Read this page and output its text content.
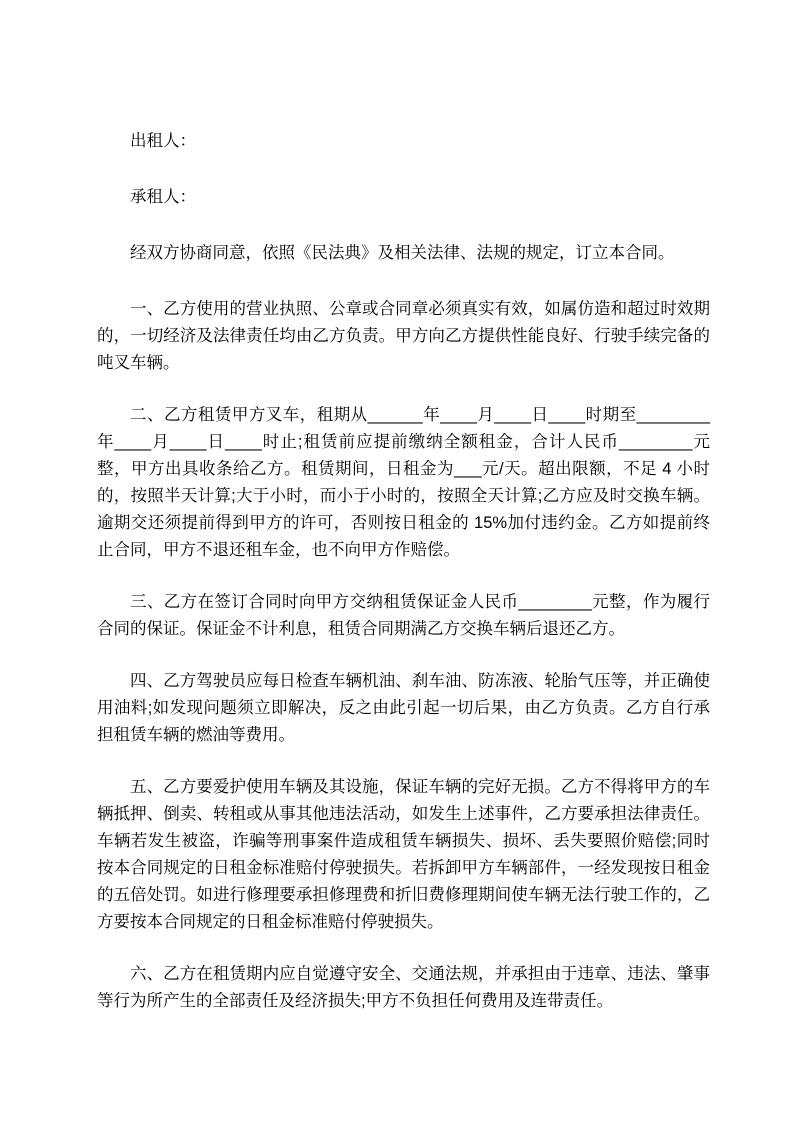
出租人：

承租人：

经双方协商同意，依照《民法典》及相关法律、法规的规定，订立本合同。

一、乙方使用的营业执照、公章或合同章必须真实有效，如属仿造和超过时效期的，一切经济及法律责任均由乙方负责。甲方向乙方提供性能良好、行驶手续完备的吨叉车辆。

二、乙方租赁甲方叉车，租期从______年____月____日____时期至________年____月____日____时止;租赁前应提前缴纳全额租金，合计人民币________元整，甲方出具收条给乙方。租赁期间，日租金为___元/天。超出限额，不足 4 小时的，按照半天计算;大于小时，而小于小时的，按照全天计算;乙方应及时交换车辆。逾期交还须提前得到甲方的许可，否则按日租金的 15%加付违约金。乙方如提前终止合同，甲方不退还租车金，也不向甲方作赔偿。

三、乙方在签订合同时向甲方交纳租赁保证金人民币________元整，作为履行合同的保证。保证金不计利息，租赁合同期满乙方交换车辆后退还乙方。

四、乙方驾驶员应每日检查车辆机油、刹车油、防冻液、轮胎气压等，并正确使用油料;如发现问题须立即解决，反之由此引起一切后果，由乙方负责。乙方自行承担租赁车辆的燃油等费用。

五、乙方要爱护使用车辆及其设施，保证车辆的完好无损。乙方不得将甲方的车辆抵押、倒卖、转租或从事其他违法活动，如发生上述事件，乙方要承担法律责任。车辆若发生被盗，诈骗等刑事案件造成租赁车辆损失、损坏、丢失要照价赔偿;同时按本合同规定的日租金标准赔付停驶损失。若拆卸甲方车辆部件，一经发现按日租金的五倍处罚。如进行修理要承担修理费和折旧费修理期间使车辆无法行驶工作的，乙方要按本合同规定的日租金标准赔付停驶损失。

六、乙方在租赁期内应自觉遵守安全、交通法规，并承担由于违章、违法、肇事等行为所产生的全部责任及经济损失;甲方不负担任何费用及连带责任。
